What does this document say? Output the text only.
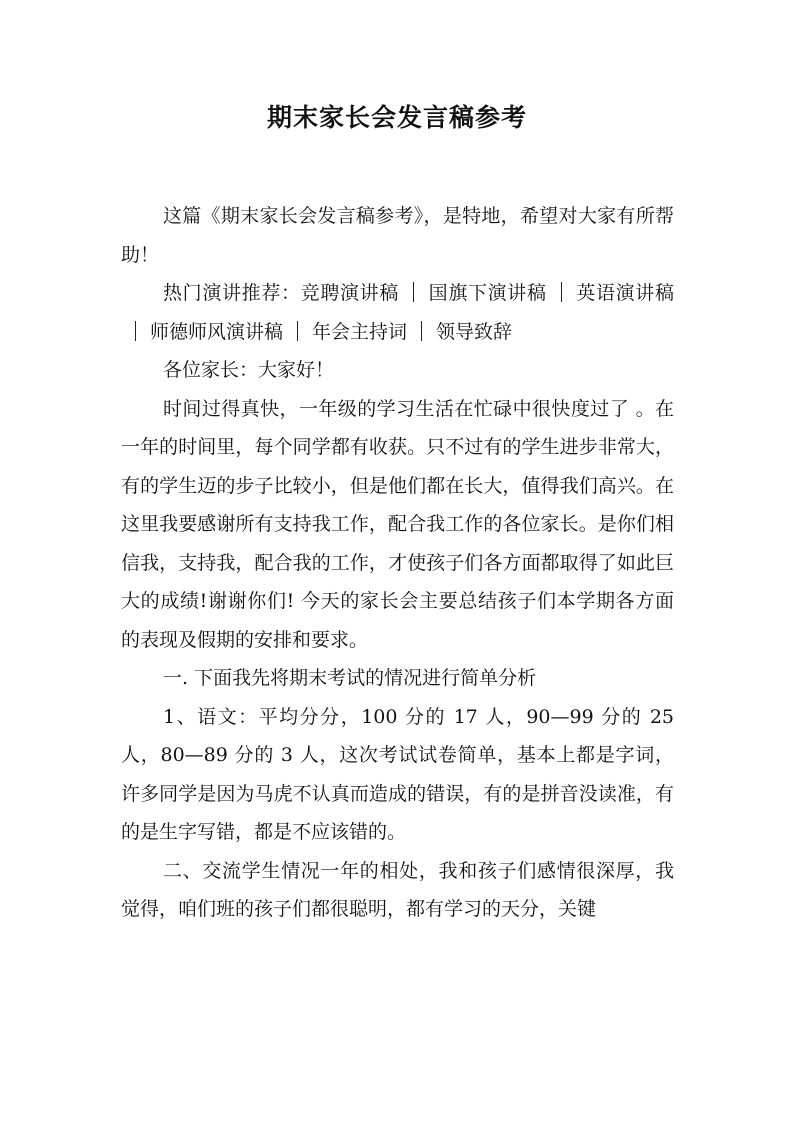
期末家长会发言稿参考

这篇《期末家长会发言稿参考》，是特地，希望对大家有所帮助！

热门演讲推荐：竞聘演讲稿 国旗下演讲稿 英语演讲稿师德师风演讲稿 年会主持词 领导致辞

各位家长：大家好！

时间过得真快，一年级的学习生活在忙碌中很快度过了 。在一年的时间里，每个同学都有收获。只不过有的学生进步非常大，有的学生迈的步子比较小，但是他们都在长大，值得我们高兴。在这里我要感谢所有支持我工作，配合我工作的各位家长。是你们相信我，支持我，配合我的工作，才使孩子们各方面都取得了如此巨大的成绩!谢谢你们! 今天的家长会主要总结孩子们本学期各方面的表现及假期的安排和要求。

一. 下面我先将期末考试的情况进行简单分析

1、语文：平均分分，100 分的 17 人，90—99 分的 25 人，80—89 分的 3 人，这次考试试卷简单，基本上都是字词，许多同学是因为马虎不认真而造成的错误，有的是拼音没读准，有的是生字写错，都是不应该错的。

二、交流学生情况一年的相处，我和孩子们感情很深厚，我觉得，咱们班的孩子们都很聪明，都有学习的天分，关键
